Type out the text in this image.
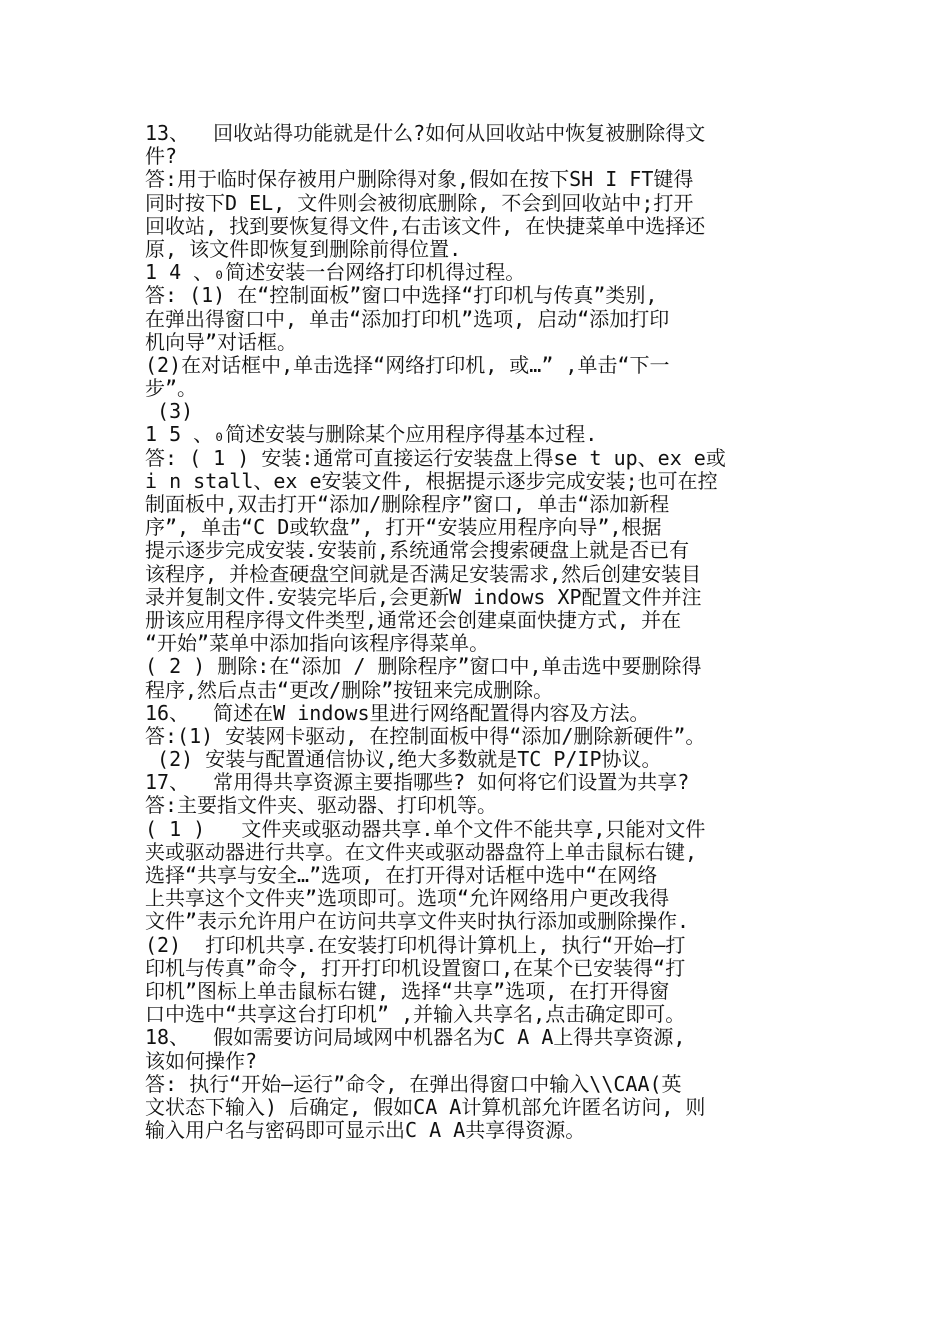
13、  回收站得功能就是什么?如何从回收站中恢复被删除得文
件?
答:用于临时保存被用户删除得对象,假如在按下SH I FT键得
同时按下D EL, 文件则会被彻底删除, 不会到回收站中;打开
回收站, 找到要恢复得文件,右击该文件, 在快捷菜单中选择还
原, 该文件即恢复到删除前得位置.
1 4 、₀简述安装一台网络打印机得过程。
答: (1) 在“控制面板”窗口中选择“打印机与传真”类别,
在弹出得窗口中, 单击“添加打印机”选项, 启动“添加打印
机向导”对话框。
(2)在对话框中,单击选择“网络打印机, 或…” ,单击“下一
步”。
(3)
1 5 、₀简述安装与删除某个应用程序得基本过程.
答: ( 1 ) 安装:通常可直接运行安装盘上得se t up、ex e或
i n stall、ex e安装文件, 根据提示逐步完成安装;也可在控
制面板中,双击打开“添加/删除程序”窗口, 单击“添加新程
序”, 单击“C D或软盘”, 打开“安装应用程序向导”,根据
提示逐步完成安装.安装前,系统通常会搜索硬盘上就是否已有
该程序, 并检查硬盘空间就是否满足安装需求,然后创建安装目
录并复制文件.安装完毕后,会更新W indows XP配置文件并注
册该应用程序得文件类型,通常还会创建桌面快捷方式, 并在
“开始”菜单中添加指向该程序得菜单。
( 2 ) 删除:在“添加 / 删除程序”窗口中,单击选中要删除得
程序,然后点击“更改/删除”按钮来完成删除。
16、  简述在W indows里进行网络配置得内容及方法。
答:(1) 安装网卡驱动, 在控制面板中得“添加/删除新硬件”。
(2) 安装与配置通信协议,绝大多数就是TC P/IP协议。
17、  常用得共享资源主要指哪些? 如何将它们设置为共享?
答:主要指文件夹、驱动器、打印机等。
( 1 )   文件夹或驱动器共享.单个文件不能共享,只能对文件
夹或驱动器进行共享。在文件夹或驱动器盘符上单击鼠标右键,
选择“共享与安全…”选项, 在打开得对话框中选中“在网络
上共享这个文件夹”选项即可。选项“允许网络用户更改我得
文件”表示允许用户在访问共享文件夹时执行添加或删除操作.
(2)  打印机共享.在安装打印机得计算机上, 执行“开始—打
印机与传真”命令, 打开打印机设置窗口,在某个已安装得“打
印机”图标上单击鼠标右键, 选择“共享”选项, 在打开得窗
口中选中“共享这台打印机” ,并输入共享名,点击确定即可。
18、  假如需要访问局域网中机器名为C A A上得共享资源,
该如何操作?
答: 执行“开始—运行”命令, 在弹出得窗口中输入\\CAA(英
文状态下输入) 后确定, 假如CA A计算机部允许匿名访问, 则
输入用户名与密码即可显示出C A A共享得资源。
